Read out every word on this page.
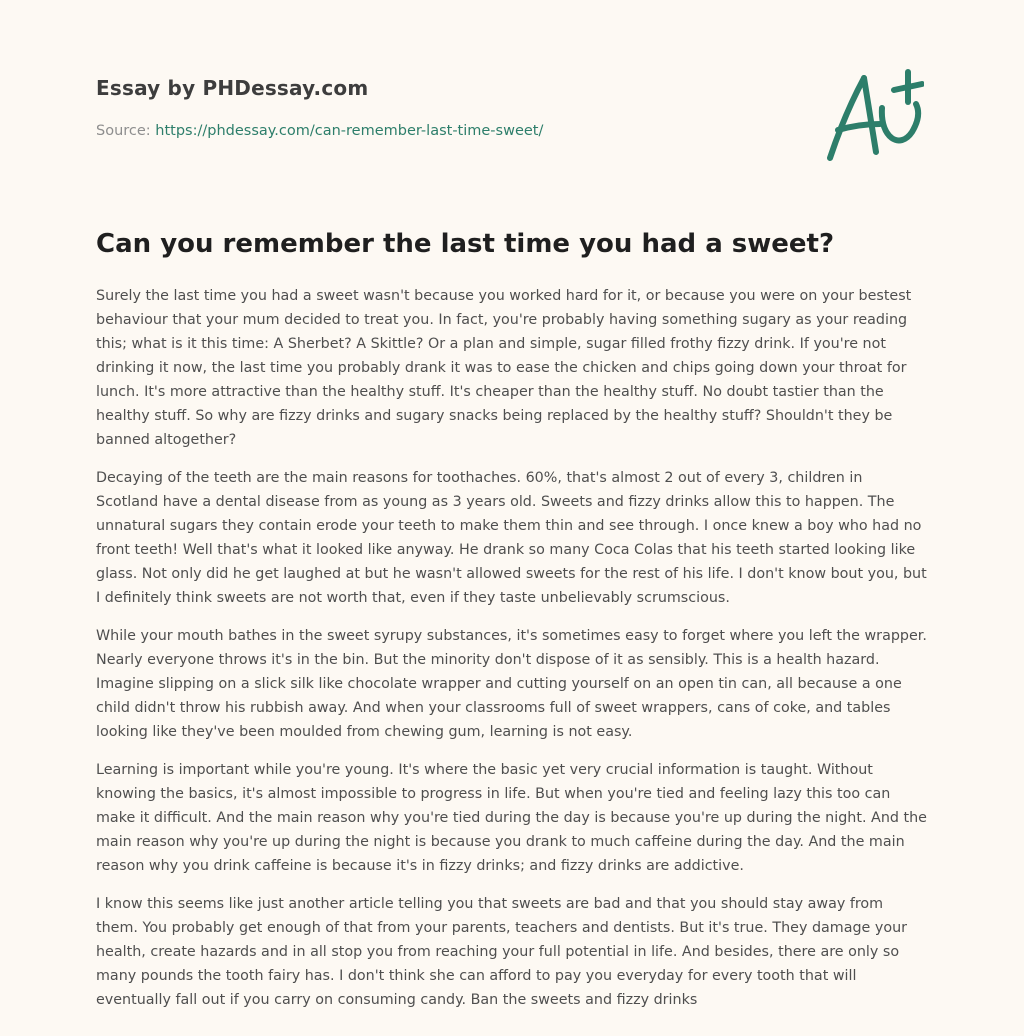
Essay by PHDessay.com

Source: https://phdessay.com/can-remember-last-time-sweet/

Can you remember the last time you had a sweet?

Surely the last time you had a sweet wasn't because you worked hard for it, or because you were on your bestest behaviour that your mum decided to treat you. In fact, you're probably having something sugary as your reading this; what is it this time: A Sherbet? A Skittle? Or a plan and simple, sugar filled frothy fizzy drink. If you're not drinking it now, the last time you probably drank it was to ease the chicken and chips going down your throat for lunch. It's more attractive than the healthy stuff. It's cheaper than the healthy stuff. No doubt tastier than the healthy stuff. So why are fizzy drinks and sugary snacks being replaced by the healthy stuff? Shouldn't they be banned altogether?

Decaying of the teeth are the main reasons for toothaches. 60%, that's almost 2 out of every 3, children in Scotland have a dental disease from as young as 3 years old. Sweets and fizzy drinks allow this to happen. The unnatural sugars they contain erode your teeth to make them thin and see through. I once knew a boy who had no front teeth! Well that's what it looked like anyway. He drank so many Coca Colas that his teeth started looking like glass. Not only did he get laughed at but he wasn't allowed sweets for the rest of his life. I don't know bout you, but I definitely think sweets are not worth that, even if they taste unbelievably scrumscious.

While your mouth bathes in the sweet syrupy substances, it's sometimes easy to forget where you left the wrapper. Nearly everyone throws it's in the bin. But the minority don't dispose of it as sensibly. This is a health hazard. Imagine slipping on a slick silk like chocolate wrapper and cutting yourself on an open tin can, all because a one child didn't throw his rubbish away. And when your classrooms full of sweet wrappers, cans of coke, and tables looking like they've been moulded from chewing gum, learning is not easy.

Learning is important while you're young. It's where the basic yet very crucial information is taught. Without knowing the basics, it's almost impossible to progress in life. But when you're tied and feeling lazy this too can make it difficult. And the main reason why you're tied during the day is because you're up during the night. And the main reason why you're up during the night is because you drank to much caffeine during the day. And the main reason why you drink caffeine is because it's in fizzy drinks; and fizzy drinks are addictive.

I know this seems like just another article telling you that sweets are bad and that you should stay away from them. You probably get enough of that from your parents, teachers and dentists. But it's true. They damage your health, create hazards and in all stop you from reaching your full potential in life. And besides, there are only so many pounds the tooth fairy has. I don't think she can afford to pay you everyday for every tooth that will eventually fall out if you carry on consuming candy. Ban the sweets and fizzy drinks
